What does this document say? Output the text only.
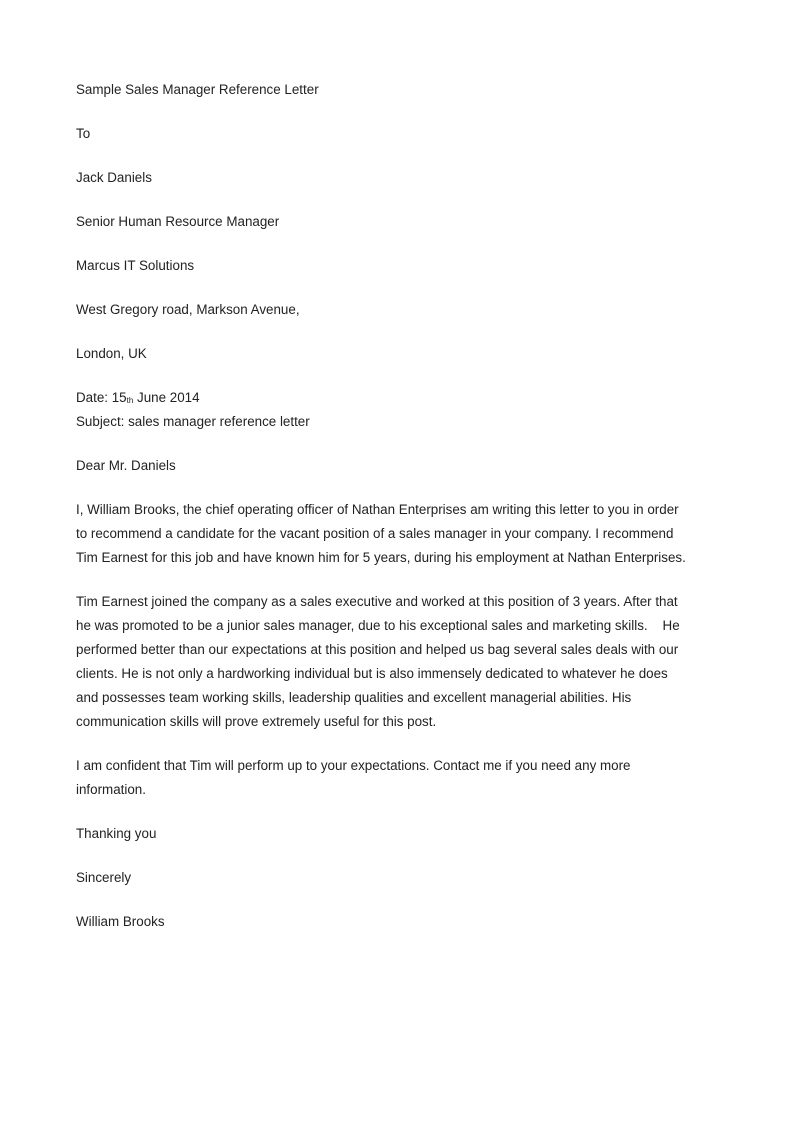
Sample Sales Manager Reference Letter

To

Jack Daniels

Senior Human Resource Manager

Marcus IT Solutions

West Gregory road, Markson Avenue,

London, UK

Date: $15_{th}$ June 2014

Subject: sales manager reference letter

Dear Mr. Daniels

I, William Brooks, the chief operating officer of Nathan Enterprises am writing this letter to you in order
to recommend a candidate for the vacant position of a sales manager in your company. I recommend
Tim Earnest for this job and have known him for 5 years, during his employment at Nathan Enterprises.
Tim Earnest joined the company as a sales executive and worked at this position of 3 years. After that
he was promoted to be a junior sales manager, due to his exceptional sales and marketing skills.    He
performed better than our expectations at this position and helped us bag several sales deals with our
clients. He is not only a hardworking individual but is also immensely dedicated to whatever he does
and possesses team working skills, leadership qualities and excellent managerial abilities. His
communication skills will prove extremely useful for this post.
I am confident that Tim will perform up to your expectations. Contact me if you need any more
information.

Thanking you

Sincerely

William Brooks
